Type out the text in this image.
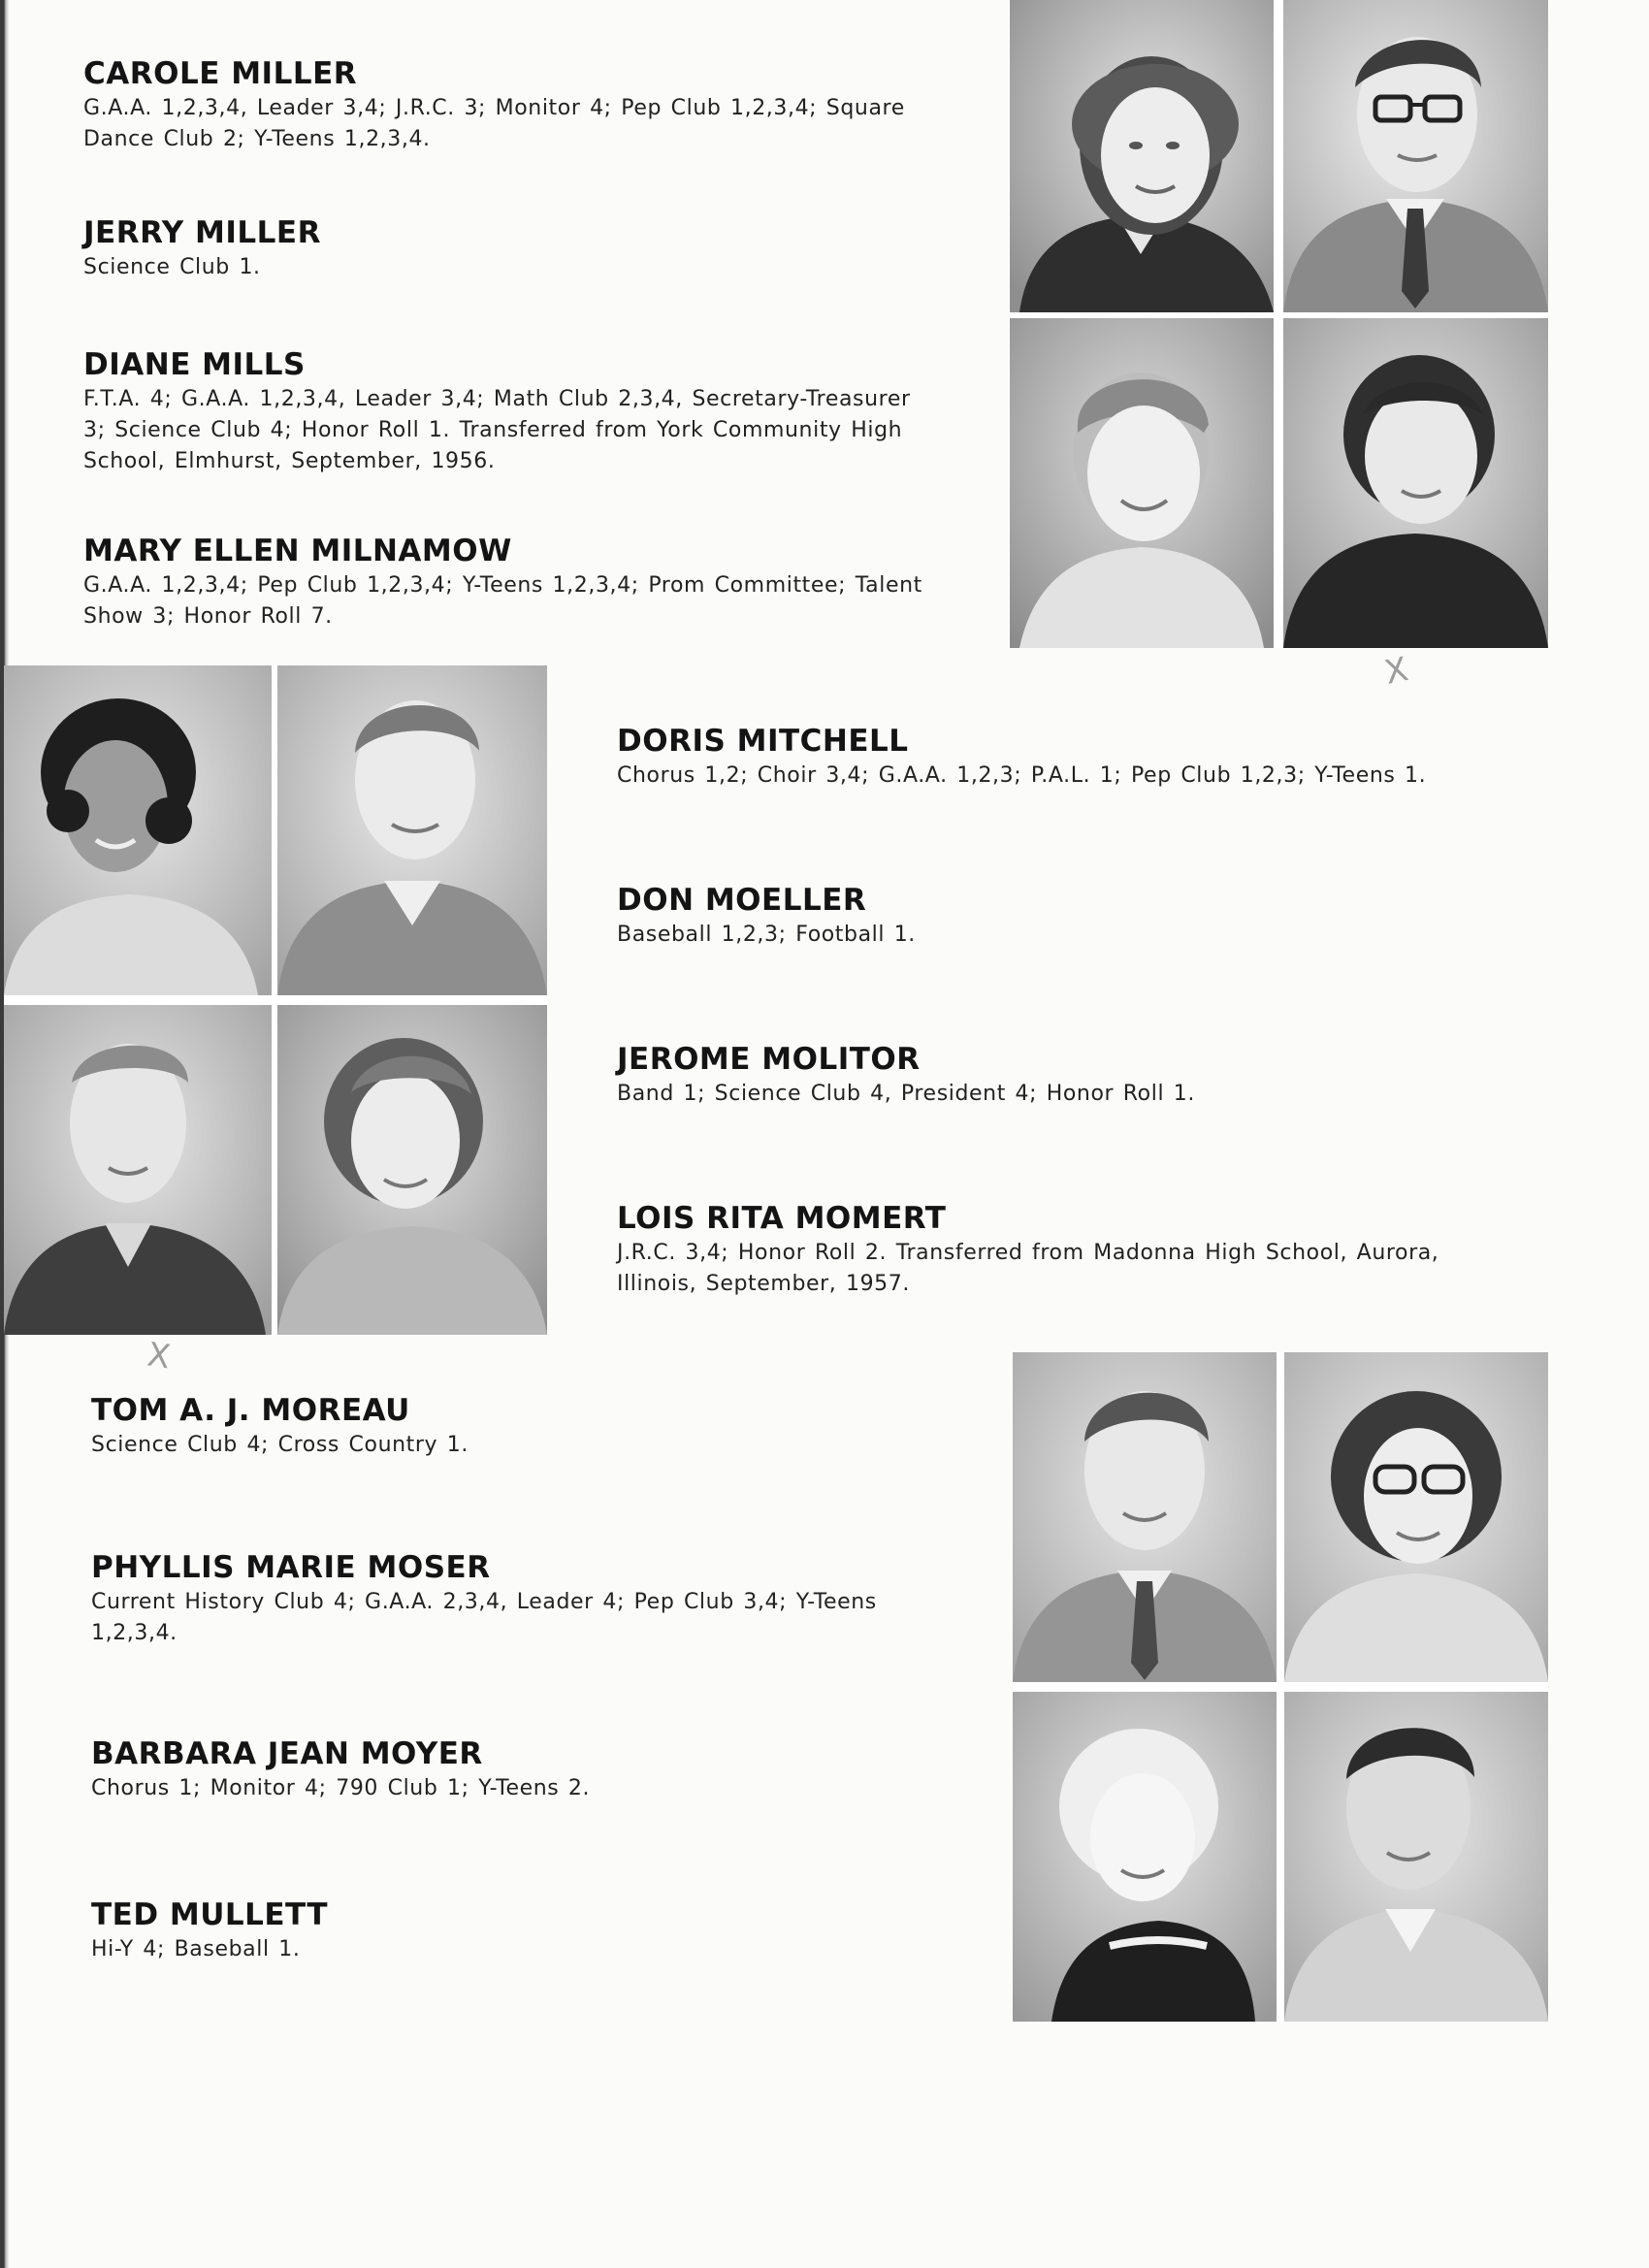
CAROLE MILLER
G.A.A. 1,2,3,4, Leader 3,4; J.R.C. 3; Monitor 4; Pep Club 1,2,3,4; Square Dance Club 2; Y-Teens 1,2,3,4.
JERRY MILLER
Science Club 1.
DIANE MILLS
F.T.A. 4; G.A.A. 1,2,3,4, Leader 3,4; Math Club 2,3,4, Secretary-Treasurer 3; Science Club 4; Honor Roll 1. Transferred from York Community High School, Elmhurst, September, 1956.
MARY ELLEN MILNAMOW
G.A.A. 1,2,3,4; Pep Club 1,2,3,4; Y-Teens 1,2,3,4; Prom Committee; Talent Show 3; Honor Roll 7.
DORIS MITCHELL
Chorus 1,2; Choir 3,4; G.A.A. 1,2,3; P.A.L. 1; Pep Club 1,2,3; Y-Teens 1.
DON MOELLER
Baseball 1,2,3; Football 1.
JEROME MOLITOR
Band 1; Science Club 4, President 4; Honor Roll 1.
LOIS RITA MOMERT
J.R.C. 3,4; Honor Roll 2. Transferred from Madonna High School, Aurora, Illinois, September, 1957.
TOM A. J. MOREAU
Science Club 4; Cross Country 1.
PHYLLIS MARIE MOSER
Current History Club 4; G.A.A. 2,3,4, Leader 4; Pep Club 3,4; Y-Teens 1,2,3,4.
BARBARA JEAN MOYER
Chorus 1; Monitor 4; 790 Club 1; Y-Teens 2.
TED MULLETT
Hi-Y 4; Baseball 1.
X
X
